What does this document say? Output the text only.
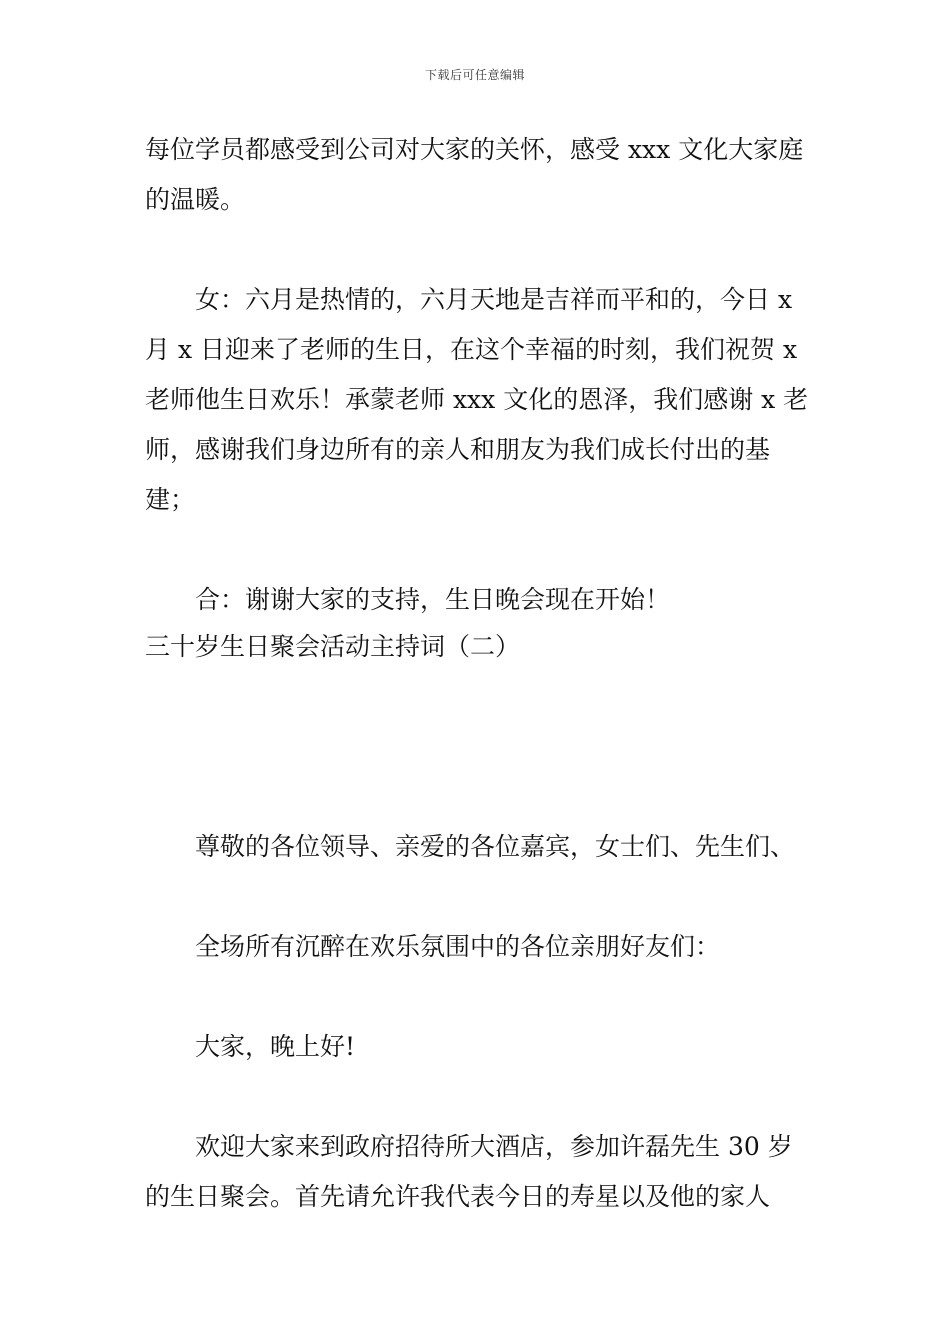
下载后可任意编辑

每位学员都感受到公司对大家的关怀，感受 xxx 文化大家庭的温暖。

女：六月是热情的，六月天地是吉祥而平和的，今日 x 月 x 日迎来了老师的生日，在这个幸福的时刻，我们祝贺 x 老师他生日欢乐！承蒙老师 xxx 文化的恩泽，我们感谢 x 老师，感谢我们身边所有的亲人和朋友为我们成长付出的基建；

合：谢谢大家的支持，生日晚会现在开始！

三十岁生日聚会活动主持词（二）

尊敬的各位领导、亲爱的各位嘉宾，女士们、先生们、

全场所有沉醉在欢乐氛围中的各位亲朋好友们：

大家，晚上好!

欢迎大家来到政府招待所大酒店，参加许磊先生 30 岁的生日聚会。首先请允许我代表今日的寿星以及他的家人
